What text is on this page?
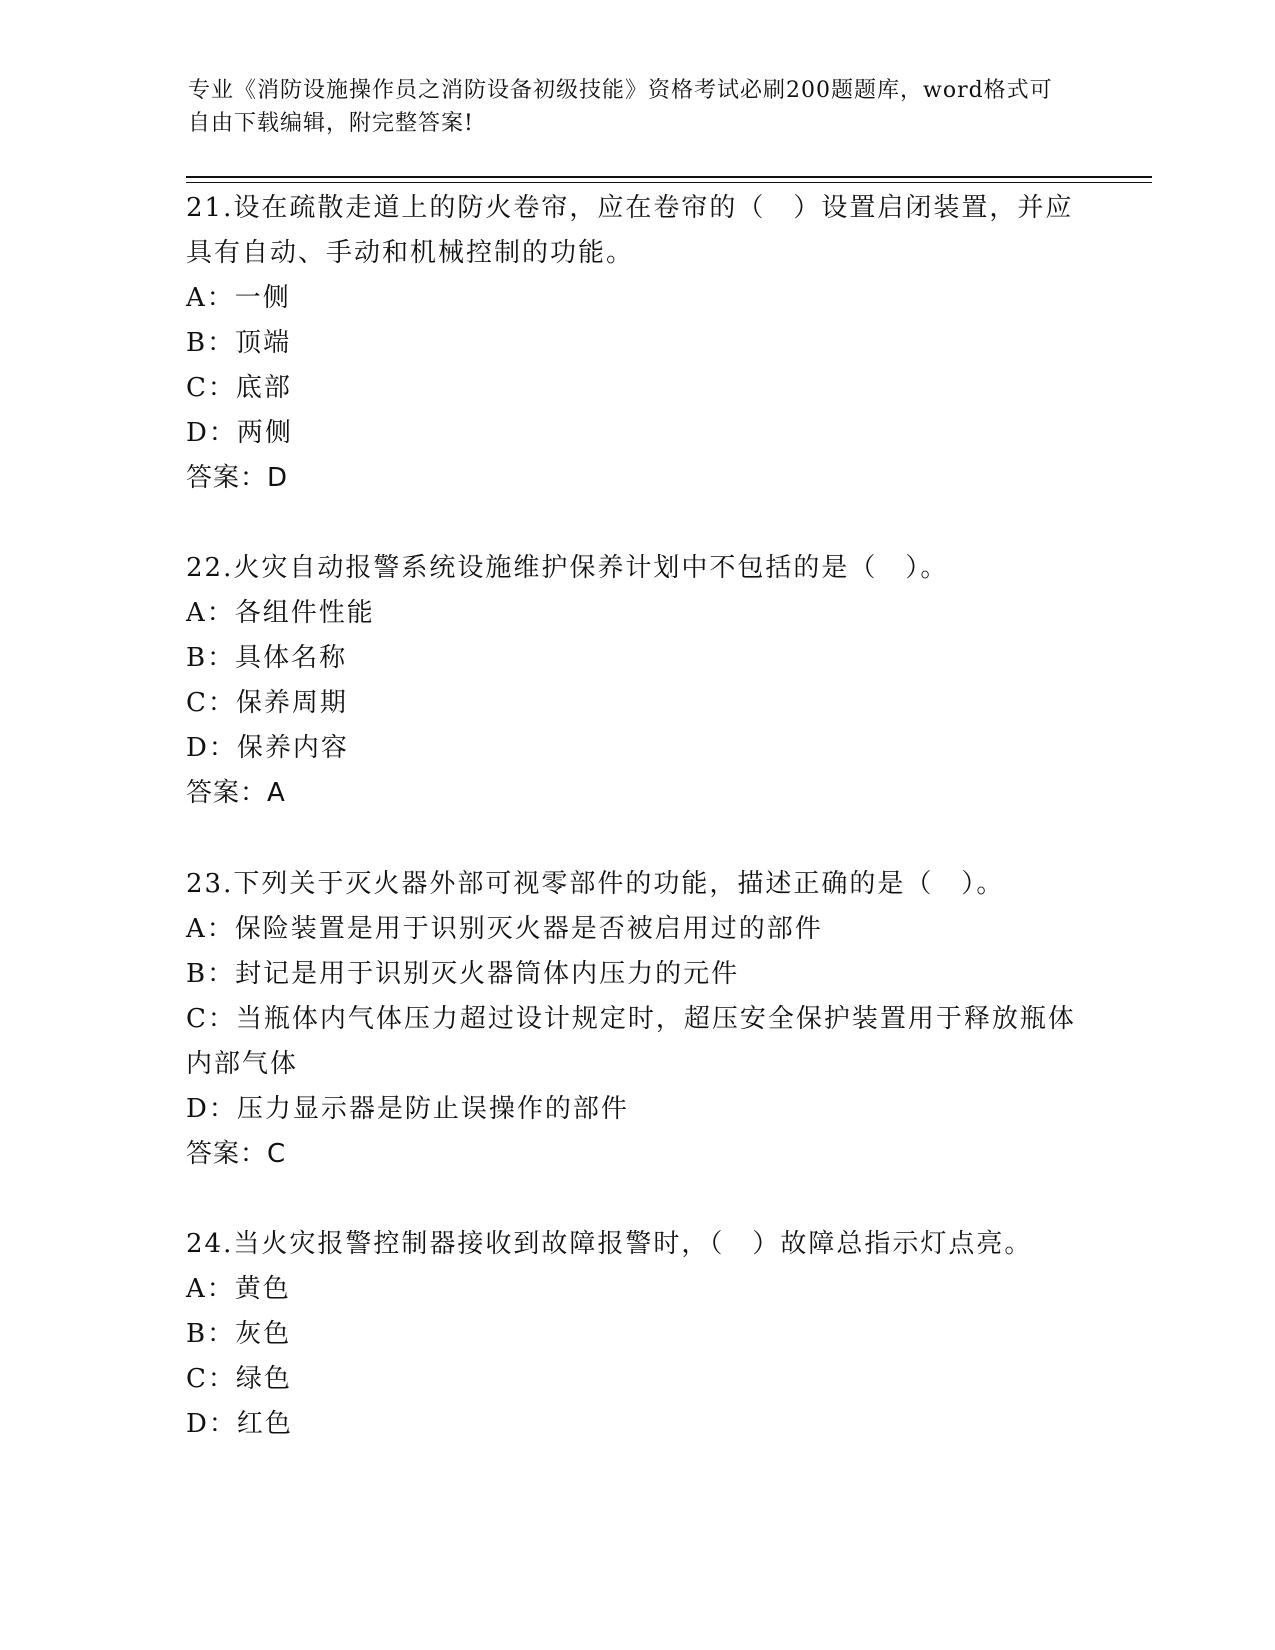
专业《消防设施操作员之消防设备初级技能》资格考试必刷200题题库，word格式可自由下载编辑，附完整答案!
21.设在疏散走道上的防火卷帘，应在卷帘的（　）设置启闭装置，并应具有自动、手动和机械控制的功能。
A：一侧
B：顶端
C：底部
D：两侧
答案：D
22.火灾自动报警系统设施维护保养计划中不包括的是（　）。
A：各组件性能
B：具体名称
C：保养周期
D：保养内容
答案：A
23.下列关于灭火器外部可视零部件的功能，描述正确的是（　）。
A：保险装置是用于识别灭火器是否被启用过的部件
B：封记是用于识别灭火器筒体内压力的元件
C：当瓶体内气体压力超过设计规定时，超压安全保护装置用于释放瓶体内部气体
D：压力显示器是防止误操作的部件
答案：C
24.当火灾报警控制器接收到故障报警时，（　）故障总指示灯点亮。
A：黄色
B：灰色
C：绿色
D：红色
